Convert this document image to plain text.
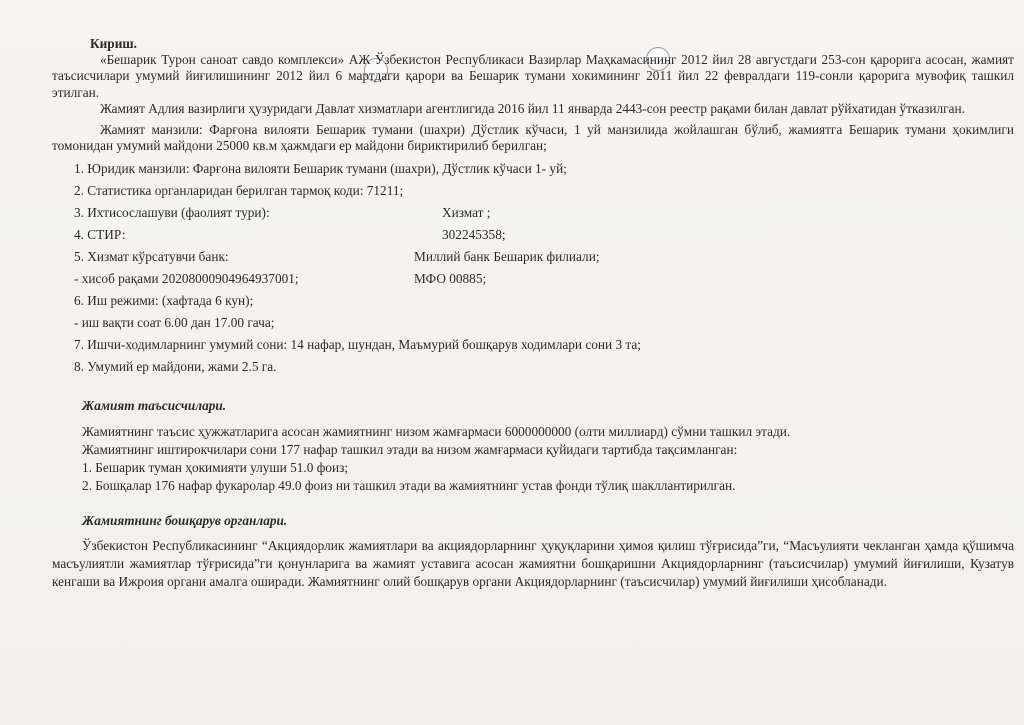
Кириш.

«Бешарик Турон саноат савдо комплекси» АЖ Ўзбекистон Республикаси Вазирлар Маҳкамасининг 2012 йил 28 августдаги 253-сон қарорига асосан, жамият таъсисчилари умумий йиғилишининг 2012 йил 6 мартдаги қарори ва Бешарик тумани хокимининг 2011 йил 22 февралдаги 119-сонли қарорига мувофиқ ташкил этилган.

Жамият Адлия вазирлиги ҳузуридаги Давлат хизматлари агентлигида 2016 йил 11 январда 2443-сон реестр рақами билан давлат рўйхатидан ўтказилган.

Жамият манзили: Фарғона вилояти Бешарик тумани (шахри) Дўстлик кўчаси, 1 уй манзилида жойлашган бўлиб, жамиятга Бешарик тумани ҳокимлиги томонидан умумий майдони 25000 кв.м ҳажмдаги ер майдони бириктирилиб берилган;

1. Юридик манзили: Фарғона вилояти Бешарик тумани (шахри), Дўстлик кўчаси 1- уй;
2. Статистика органларидан берилган тармоқ коди: 71211;
3. Ихтисослашуви (фаолият тури):	Хизмат ;
4. СТИР:	302245358;
5. Хизмат кўрсатувчи банк:	Миллий банк Бешарик филиали;
- хисоб рақами 20208000904964937001;	МФО 00885;
6. Иш режими: (хафтада 6 кун);
- иш вақти соат 6.00 дан 17.00 гача;
7. Ишчи-ходимларнинг умумий сони: 14 нафар, шундан, Маъмурий бошқарув ходимлари сони 3 та;
8. Умумий ер майдони, жами 2.5 га.
Жамият таъсисчилари.
Жамиятнинг таъсис ҳужжатларига асосан жамиятнинг низом жамғармаси 6000000000 (олти миллиард) сўмни ташкил этади.
Жамиятнинг иштирокчилари сони 177 нафар ташкил этади ва низом жамғармаси қуйидаги тартибда тақсимланган:
1. Бешарик туман ҳокимияти улуши 51.0 фоиз;
2. Бошқалар 176 нафар фукаролар 49.0 фоиз ни ташкил этади ва жамиятнинг устав фонди тўлиқ шакллантирилган.
Жамиятнинг бошқарув органлари.

Ўзбекистон Республикасининг “Акциядорлик жамиятлари ва акциядорларнинг ҳуқуқларини ҳимоя қилиш тўғрисида”ги, “Масъулияти чекланган ҳамда қўшимча масъулиятли жамиятлар тўғрисида”ги қонунларига ва жамият уставига асосан жамиятни бошқаришни Акциядорларнинг (таъсисчилар) умумий йиғилиши, Кузатув кенгаши ва Ижроия органи амалга оширади. Жамиятнинг олий бошқарув органи Акциядорларнинг (таъсисчилар) умумий йиғилиши ҳисобланади.
